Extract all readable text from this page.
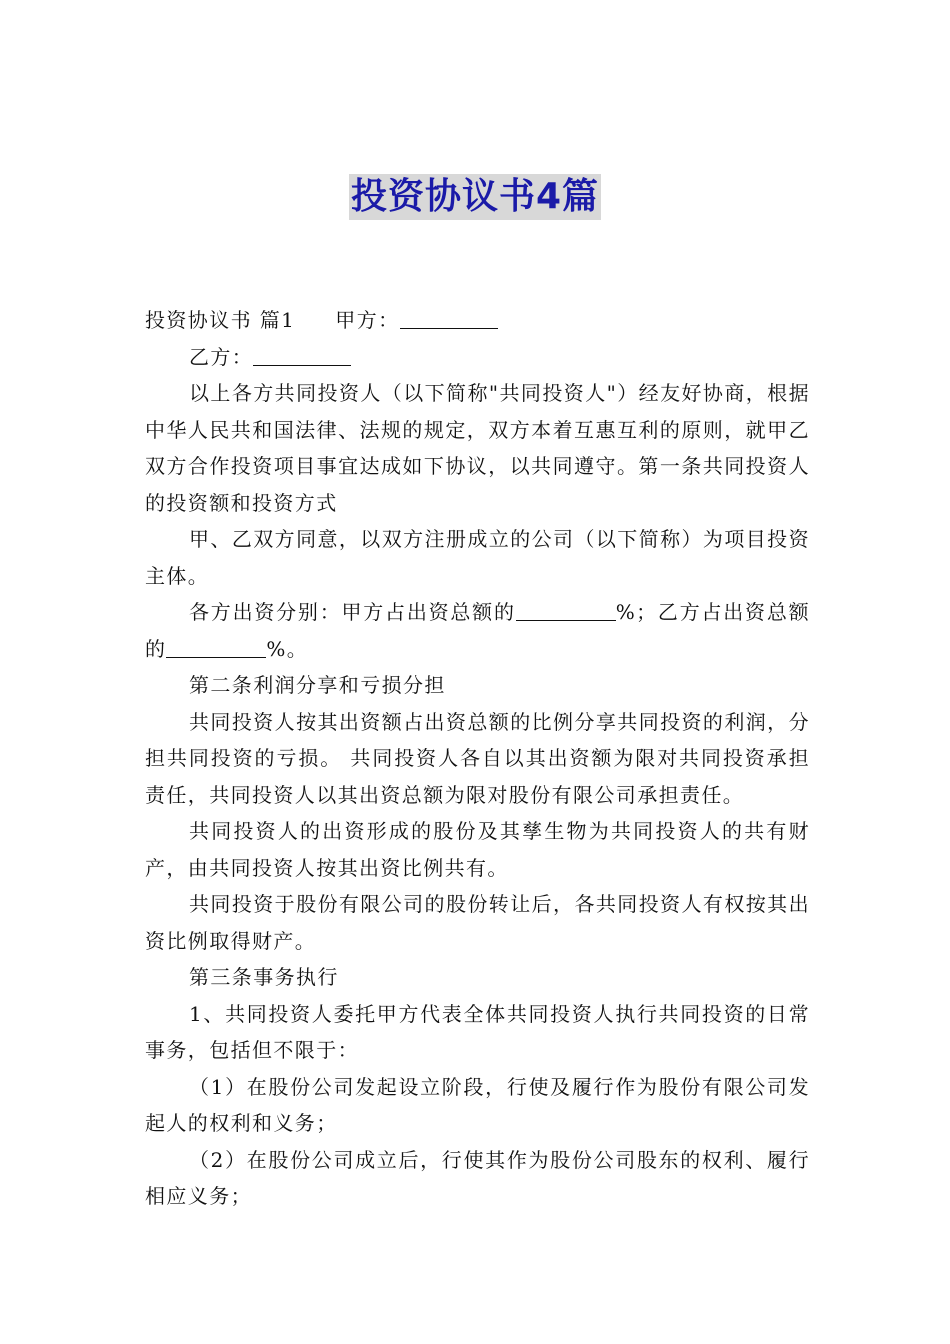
投资协议书4篇

投资协议书 篇1 甲方：

乙方：

以上各方共同投资人（以下简称"共同投资人"）经友好协商，根据中华人民共和国法律、法规的规定，双方本着互惠互利的原则，就甲乙双方合作投资项目事宜达成如下协议，以共同遵守。第一条共同投资人的投资额和投资方式

甲、乙双方同意，以双方注册成立的公司（以下简称）为项目投资主体。

各方出资分别：甲方占出资总额的	%；乙方占出资总额的	%。

第二条利润分享和亏损分担

共同投资人按其出资额占出资总额的比例分享共同投资的利润，分担共同投资的亏损。 共同投资人各自以其出资额为限对共同投资承担责任，共同投资人以其出资总额为限对股份有限公司承担责任。

共同投资人的出资形成的股份及其孳生物为共同投资人的共有财产，由共同投资人按其出资比例共有。

共同投资于股份有限公司的股份转让后，各共同投资人有权按其出资比例取得财产。

第三条事务执行

1、共同投资人委托甲方代表全体共同投资人执行共同投资的日常事务，包括但不限于：

（1）在股份公司发起设立阶段，行使及履行作为股份有限公司发起人的权利和义务；

（2）在股份公司成立后，行使其作为股份公司股东的权利、履行相应义务；
